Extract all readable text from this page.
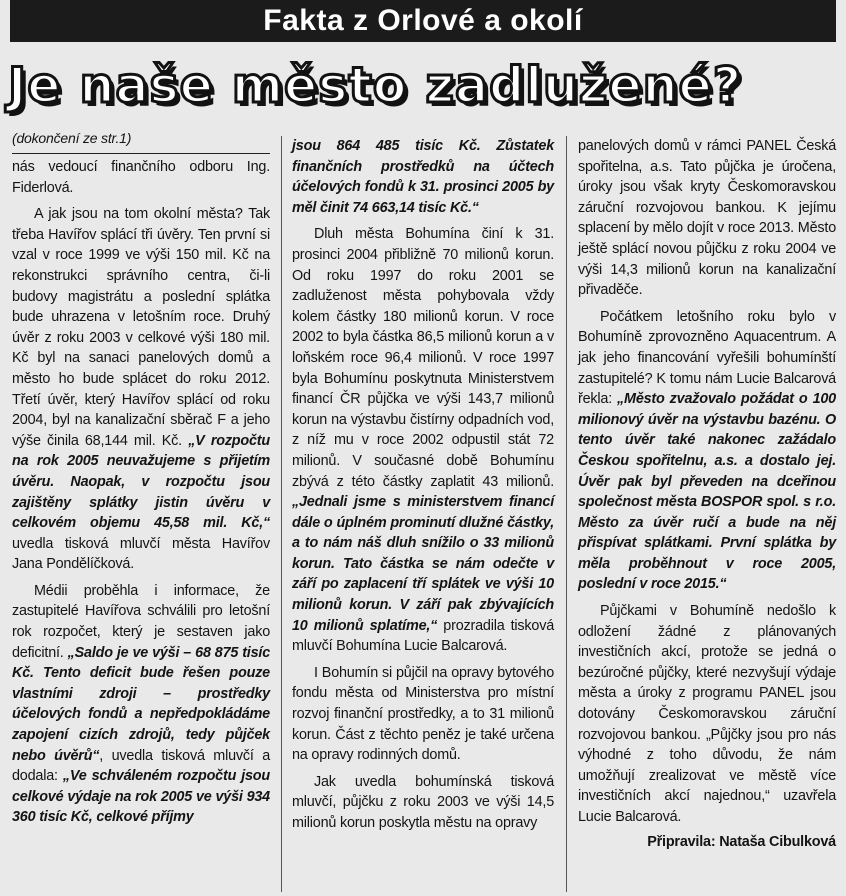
Fakta z Orlové a okolí
Je naše město zadlužené?
(dokončení ze str.1)

nás vedoucí finančního odboru Ing. Fiderlová.

A jak jsou na tom okolní města? Tak třeba Havířov splácí tři úvěry. Ten první si vzal v roce 1999 ve výši 150 mil. Kč na rekonstrukci správního centra, či-li budovy magistrátu a poslední splátka bude uhrazena v letošním roce. Druhý úvěr z roku 2003 v celkové výši 180 mil. Kč byl na sanaci panelových domů a město ho bude splácet do roku 2012. Třetí úvěr, který Havířov splácí od roku 2004, byl na kanalizační sběrač F a jeho výše činila 68,144 mil. Kč. „V rozpočtu na rok 2005 neuvažujeme s přijetím úvěru. Naopak, v rozpočtu jsou zajištěny splátky jistin úvěru v celkovém objemu 45,58 mil. Kč,“ uvedla tisková mluvčí města Havířov Jana Pondělíčková.

Médii proběhla i informace, že zastupitelé Havířova schválili pro letošní rok rozpočet, který je sestaven jako deficitní. „Saldo je ve výši – 68 875 tisíc Kč. Tento deficit bude řešen pouze vlastními zdroji – prostředky účelových fondů a nepředpokládáme zapojení cizích zdrojů, tedy půjček nebo úvěrů“, uvedla tisková mluvčí a dodala: „Ve schváleném rozpočtu jsou celkové výdaje na rok 2005 ve výši 934 360 tisíc Kč, celkové příjmy

jsou 864 485 tisíc Kč. Zůstatek finančních prostředků na účtech účelových fondů k 31. prosinci 2005 by měl činit 74 663,14 tisíc Kč.“

Dluh města Bohumína činí k 31. prosinci 2004 přibližně 70 milionů korun. Od roku 1997 do roku 2001 se zadluženost města pohybovala vždy kolem částky 180 milionů korun. V roce 2002 to byla částka 86,5 milionů korun a v loňském roce 96,4 milionů. V roce 1997 byla Bohumínu poskytnuta Ministerstvem financí ČR půjčka ve výši 143,7 milionů korun na výstavbu čistírny odpadních vod, z níž mu v roce 2002 odpustil stát 72 milionů. V současné době Bohumínu zbývá z této částky zaplatit 43 milionů. „Jednali jsme s ministerstvem financí dále o úplném prominutí dlužné částky, a to nám náš dluh snížilo o 33 milionů korun. Tato částka se nám odečte v září po zaplacení tří splátek ve výši 10 milionů korun. V září pak zbývajících 10 milionů splatíme,“ prozradila tisková mluvčí Bohumína Lucie Balcarová.

I Bohumín si půjčil na opravy bytového fondu města od Ministerstva pro místní rozvoj finanční prostředky, a to 31 milionů korun. Část z těchto peněz je také určena na opravy rodinných domů.

Jak uvedla bohumínská tisková mluvčí, půjčku z roku 2003 ve výši 14,5 milionů korun poskytla městu na opravy

panelových domů v rámci PANEL Česká spořitelna, a.s. Tato půjčka je úročena, úroky jsou však kryty Českomoravskou záruční rozvojovou bankou. K jejímu splacení by mělo dojít v roce 2013. Město ještě splácí novou půjčku z roku 2004 ve výši 14,3 milionů korun na kanalizační přivaděče.

Počátkem letošního roku bylo v Bohumíně zprovozněno Aquacentrum. A jak jeho financování vyřešili bohumínští zastupitelé? K tomu nám Lucie Balcarová řekla: „Město zvažovalo požádat o 100 milionový úvěr na výstavbu bazénu. O tento úvěr také nakonec zažádalo Českou spořitelnu, a.s. a dostalo jej. Úvěr pak byl převeden na dceřinou společnost města BOSPOR spol. s r.o. Město za úvěr ručí a bude na něj přispívat splátkami. První splátka by měla proběhnout v roce 2005, poslední v roce 2015.“

Půjčkami v Bohumíně nedošlo k odložení žádné z plánovaných investičních akcí, protože se jedná o bezúročné půjčky, které nezvyšují výdaje města a úroky z programu PANEL jsou dotovány Českomoravskou záruční rozvojovou bankou. „Půjčky jsou pro nás výhodné z toho důvodu, že nám umožňují zrealizovat ve městě více investičních akcí najednou,“ uzavřela Lucie Balcarová.

Připravila: Nataša Cibulková
